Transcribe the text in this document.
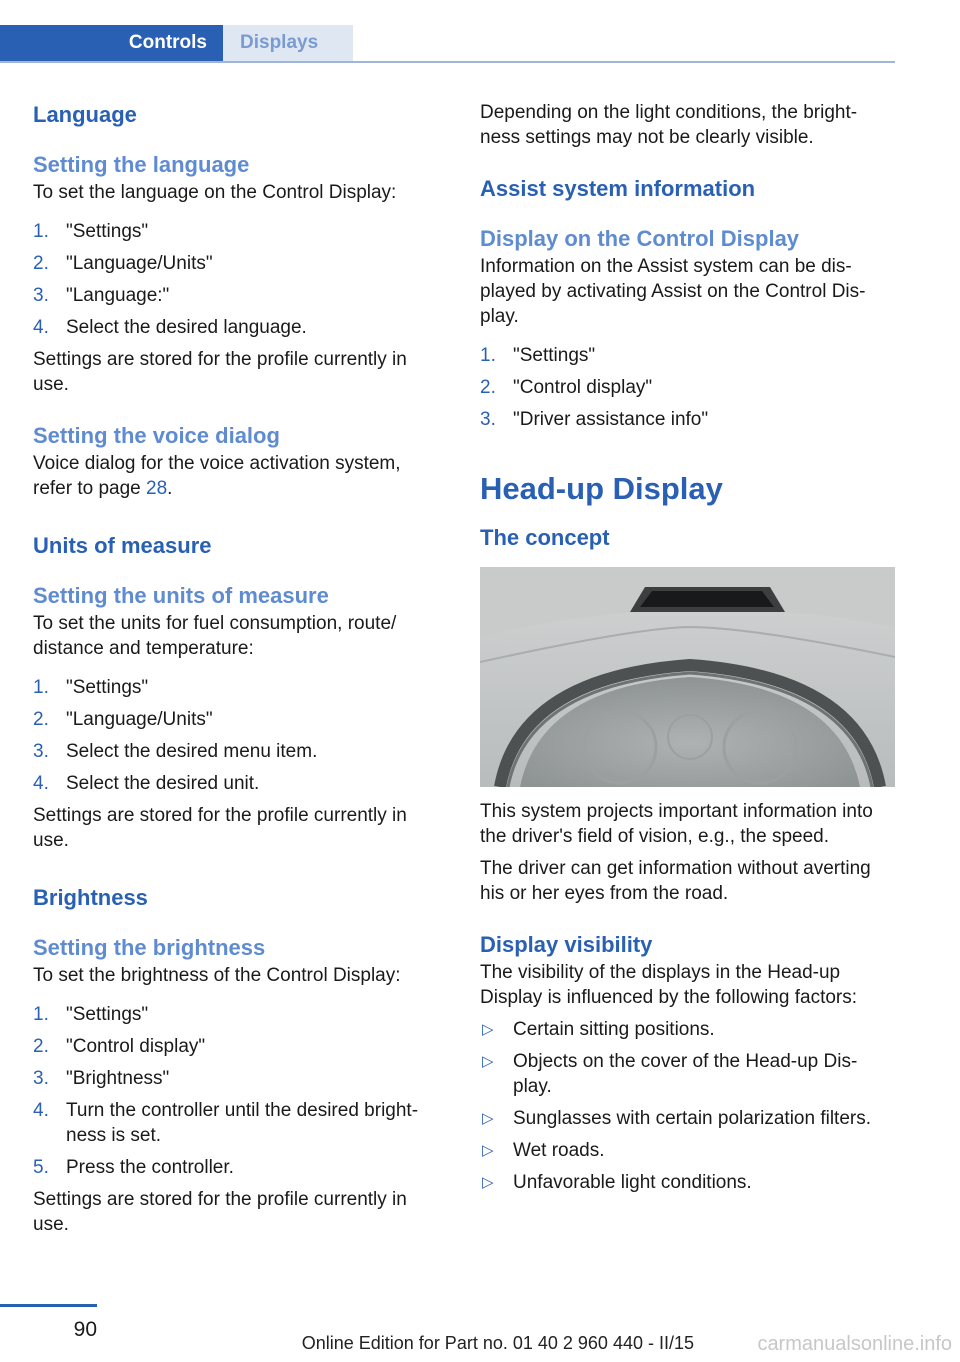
Controls	Displays
Language
Setting the language

To set the language on the Control Display:

1. "Settings"
2. "Language/Units"
3. "Language:"
4. Select the desired language.

Settings are stored for the profile currently in use.

Setting the voice dialog

Voice dialog for the voice activation system, refer to page 28.

Units of measure
Setting the units of measure

To set the units for fuel consumption, route/ distance and temperature:

1. "Settings"
2. "Language/Units"
3. Select the desired menu item.
4. Select the desired unit.

Settings are stored for the profile currently in use.

Brightness
Setting the brightness

To set the brightness of the Control Display:

1. "Settings"
2. "Control display"
3. "Brightness"
4. Turn the controller until the desired bright‐ ness is set.
5. Press the controller.

Settings are stored for the profile currently in use.

Depending on the light conditions, the bright‐ ness settings may not be clearly visible.

Assist system information
Display on the Control Display

Information on the Assist system can be dis‐ played by activating Assist on the Control Dis‐ play.

1. "Settings"
2. "Control display"
3. "Driver assistance info"
Head-up Display
The concept

This system projects important information into the driver's field of vision, e.g., the speed.

The driver can get information without averting his or her eyes from the road.

Display visibility

The visibility of the displays in the Head-up Display is influenced by the following factors:

▷ Certain sitting positions.
▷ Objects on the cover of the Head-up Dis‐ play.
▷ Sunglasses with certain polarization filters.
▷ Wet roads.
▷ Unfavorable light conditions.
90
Online Edition for Part no. 01 40 2 960 440 - II/15	carmanualsonline.info
